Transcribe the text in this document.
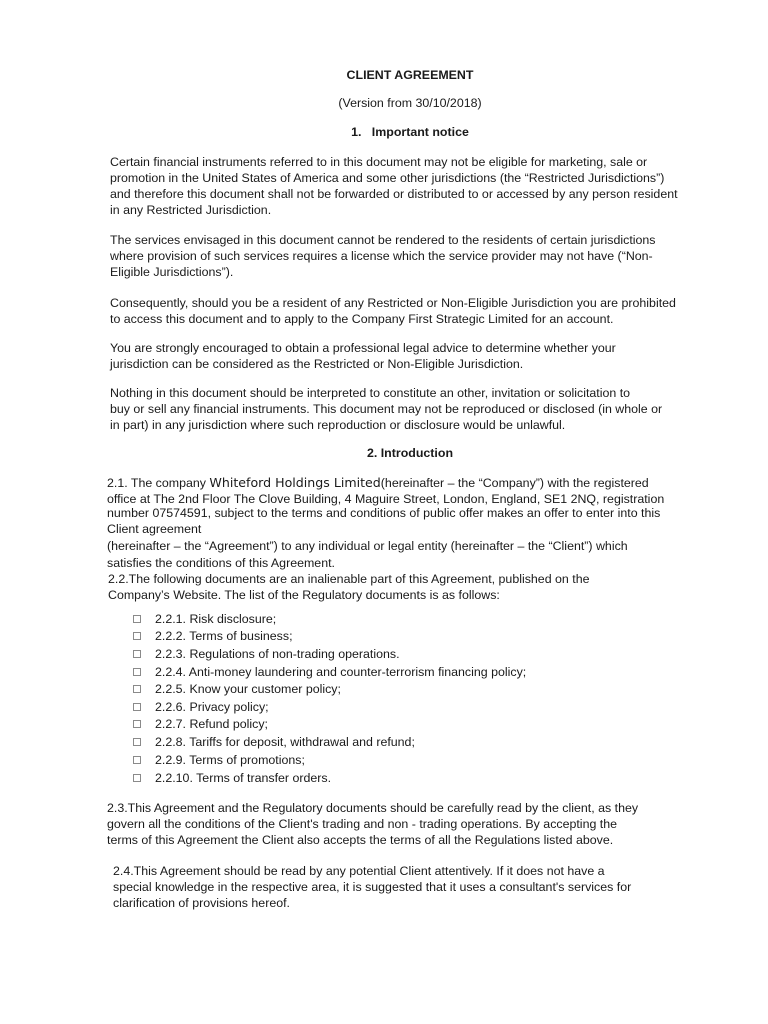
CLIENT AGREEMENT
(Version from 30/10/2018)
1.   Important notice
Certain financial instruments referred to in this document may not be eligible for marketing, sale or
promotion in the United States of America and some other jurisdictions (the “Restricted Jurisdictions”)
and therefore this document shall not be forwarded or distributed to or accessed by any person resident
in any Restricted Jurisdiction.
The services envisaged in this document cannot be rendered to the residents of certain jurisdictions
where provision of such services requires a license which the service provider may not have (“Non-
Eligible Jurisdictions”).
Consequently, should you be a resident of any Restricted or Non-Eligible Jurisdiction you are prohibited
to access this document and to apply to the Company First Strategic Limited for an account.
You are strongly encouraged to obtain a professional legal advice to determine whether your
jurisdiction can be considered as the Restricted or Non-Eligible Jurisdiction.
Nothing in this document should be interpreted to constitute an other, invitation or solicitation to
buy or sell any financial instruments. This document may not be reproduced or disclosed (in whole or
in part) in any jurisdiction where such reproduction or disclosure would be unlawful.
2. Introduction
2.1. The company Whiteford Holdings Limited(hereinafter – the “Company”) with the registered
office at The 2nd Floor The Clove Building, 4 Maguire Street, London, England, SE1 2NQ, registration
number 07574591, subject to the terms and conditions of public offer makes an offer to enter into this
Client agreement
(hereinafter – the “Agreement”) to any individual or legal entity (hereinafter – the “Client”) which
satisfies the conditions of this Agreement.
2.2.The following documents are an inalienable part of this Agreement, published on the
Company’s Website. The list of the Regulatory documents is as follows:
2.2.1. Risk disclosure;
2.2.2. Terms of business;
2.2.3. Regulations of non-trading operations.
2.2.4. Anti-money laundering and counter-terrorism financing policy;
2.2.5. Know your customer policy;
2.2.6. Privacy policy;
2.2.7. Refund policy;
2.2.8. Tariffs for deposit, withdrawal and refund;
2.2.9. Terms of promotions;
2.2.10. Terms of transfer orders.
2.3.This Agreement and the Regulatory documents should be carefully read by the client, as they
govern all the conditions of the Client's trading and non - trading operations. By accepting the
terms of this Agreement the Client also accepts the terms of all the Regulations listed above.
2.4.This Agreement should be read by any potential Client attentively. If it does not have a
special knowledge in the respective area, it is suggested that it uses a consultant's services for
clarification of provisions hereof.
